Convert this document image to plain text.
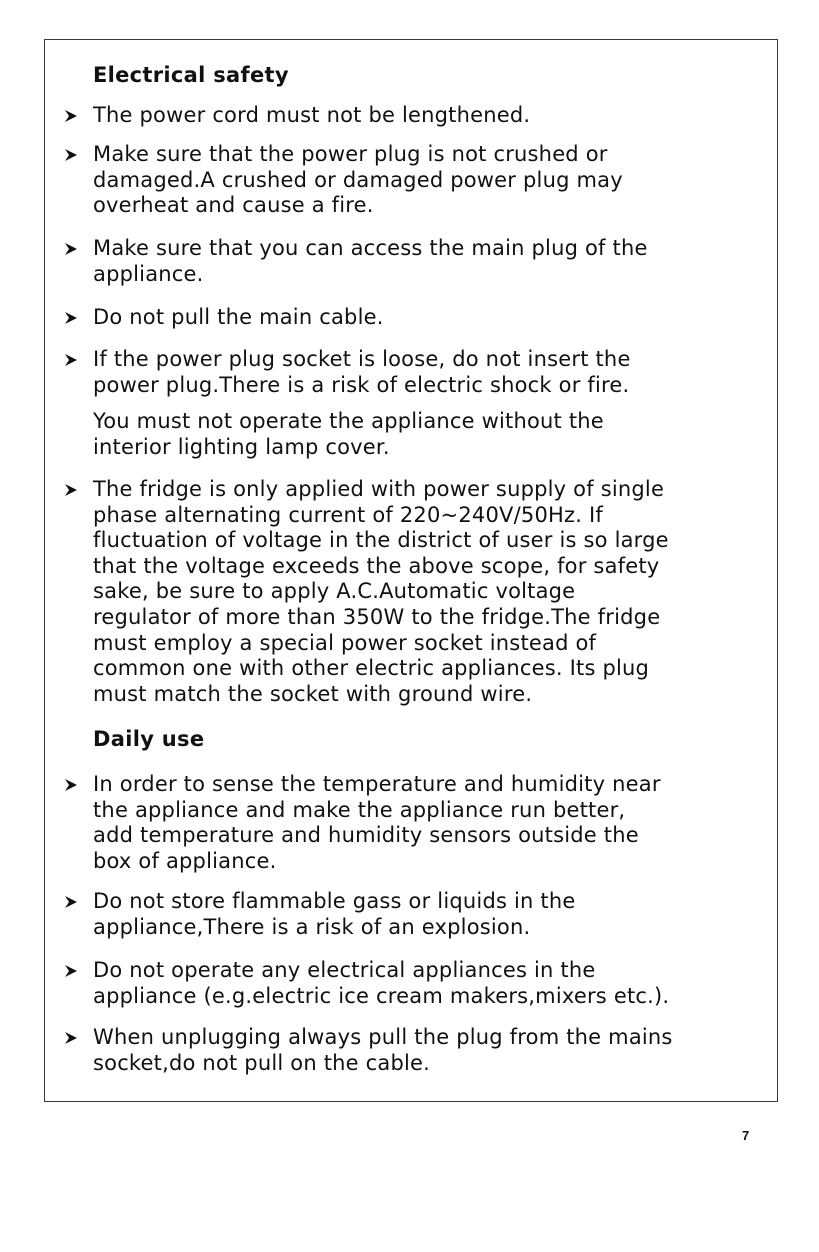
Electrical safety
The power cord must not be lengthened.
Make sure that the power plug is not crushed or
damaged.A crushed or damaged power plug may
overheat and cause a fire.
Make sure that you can access the main plug of the
appliance.
Do not pull the main cable.
If the power plug socket is loose, do not insert the
power plug.There is a risk of electric shock or fire.
You must not operate the appliance without the
interior lighting lamp cover.
The fridge is only applied with power supply of single
phase alternating current of 220~240V/50Hz. If
fluctuation of voltage in the district of user is so large
that the voltage exceeds the above scope, for safety
sake, be sure to apply A.C.Automatic voltage
regulator of more than 350W to the fridge.The fridge
must employ a special power socket instead of
common one with other electric appliances. Its plug
must match the socket with ground wire.
Daily use
In order to sense the temperature and humidity near
the appliance and make the appliance run better,
add temperature and humidity sensors outside the
box of appliance.
Do not store flammable gass or liquids in the
appliance,There is a risk of an explosion.
Do not operate any electrical appliances in the
appliance (e.g.electric ice cream makers,mixers etc.).
When unplugging always pull the plug from the mains
socket,do not pull on the cable.
7
